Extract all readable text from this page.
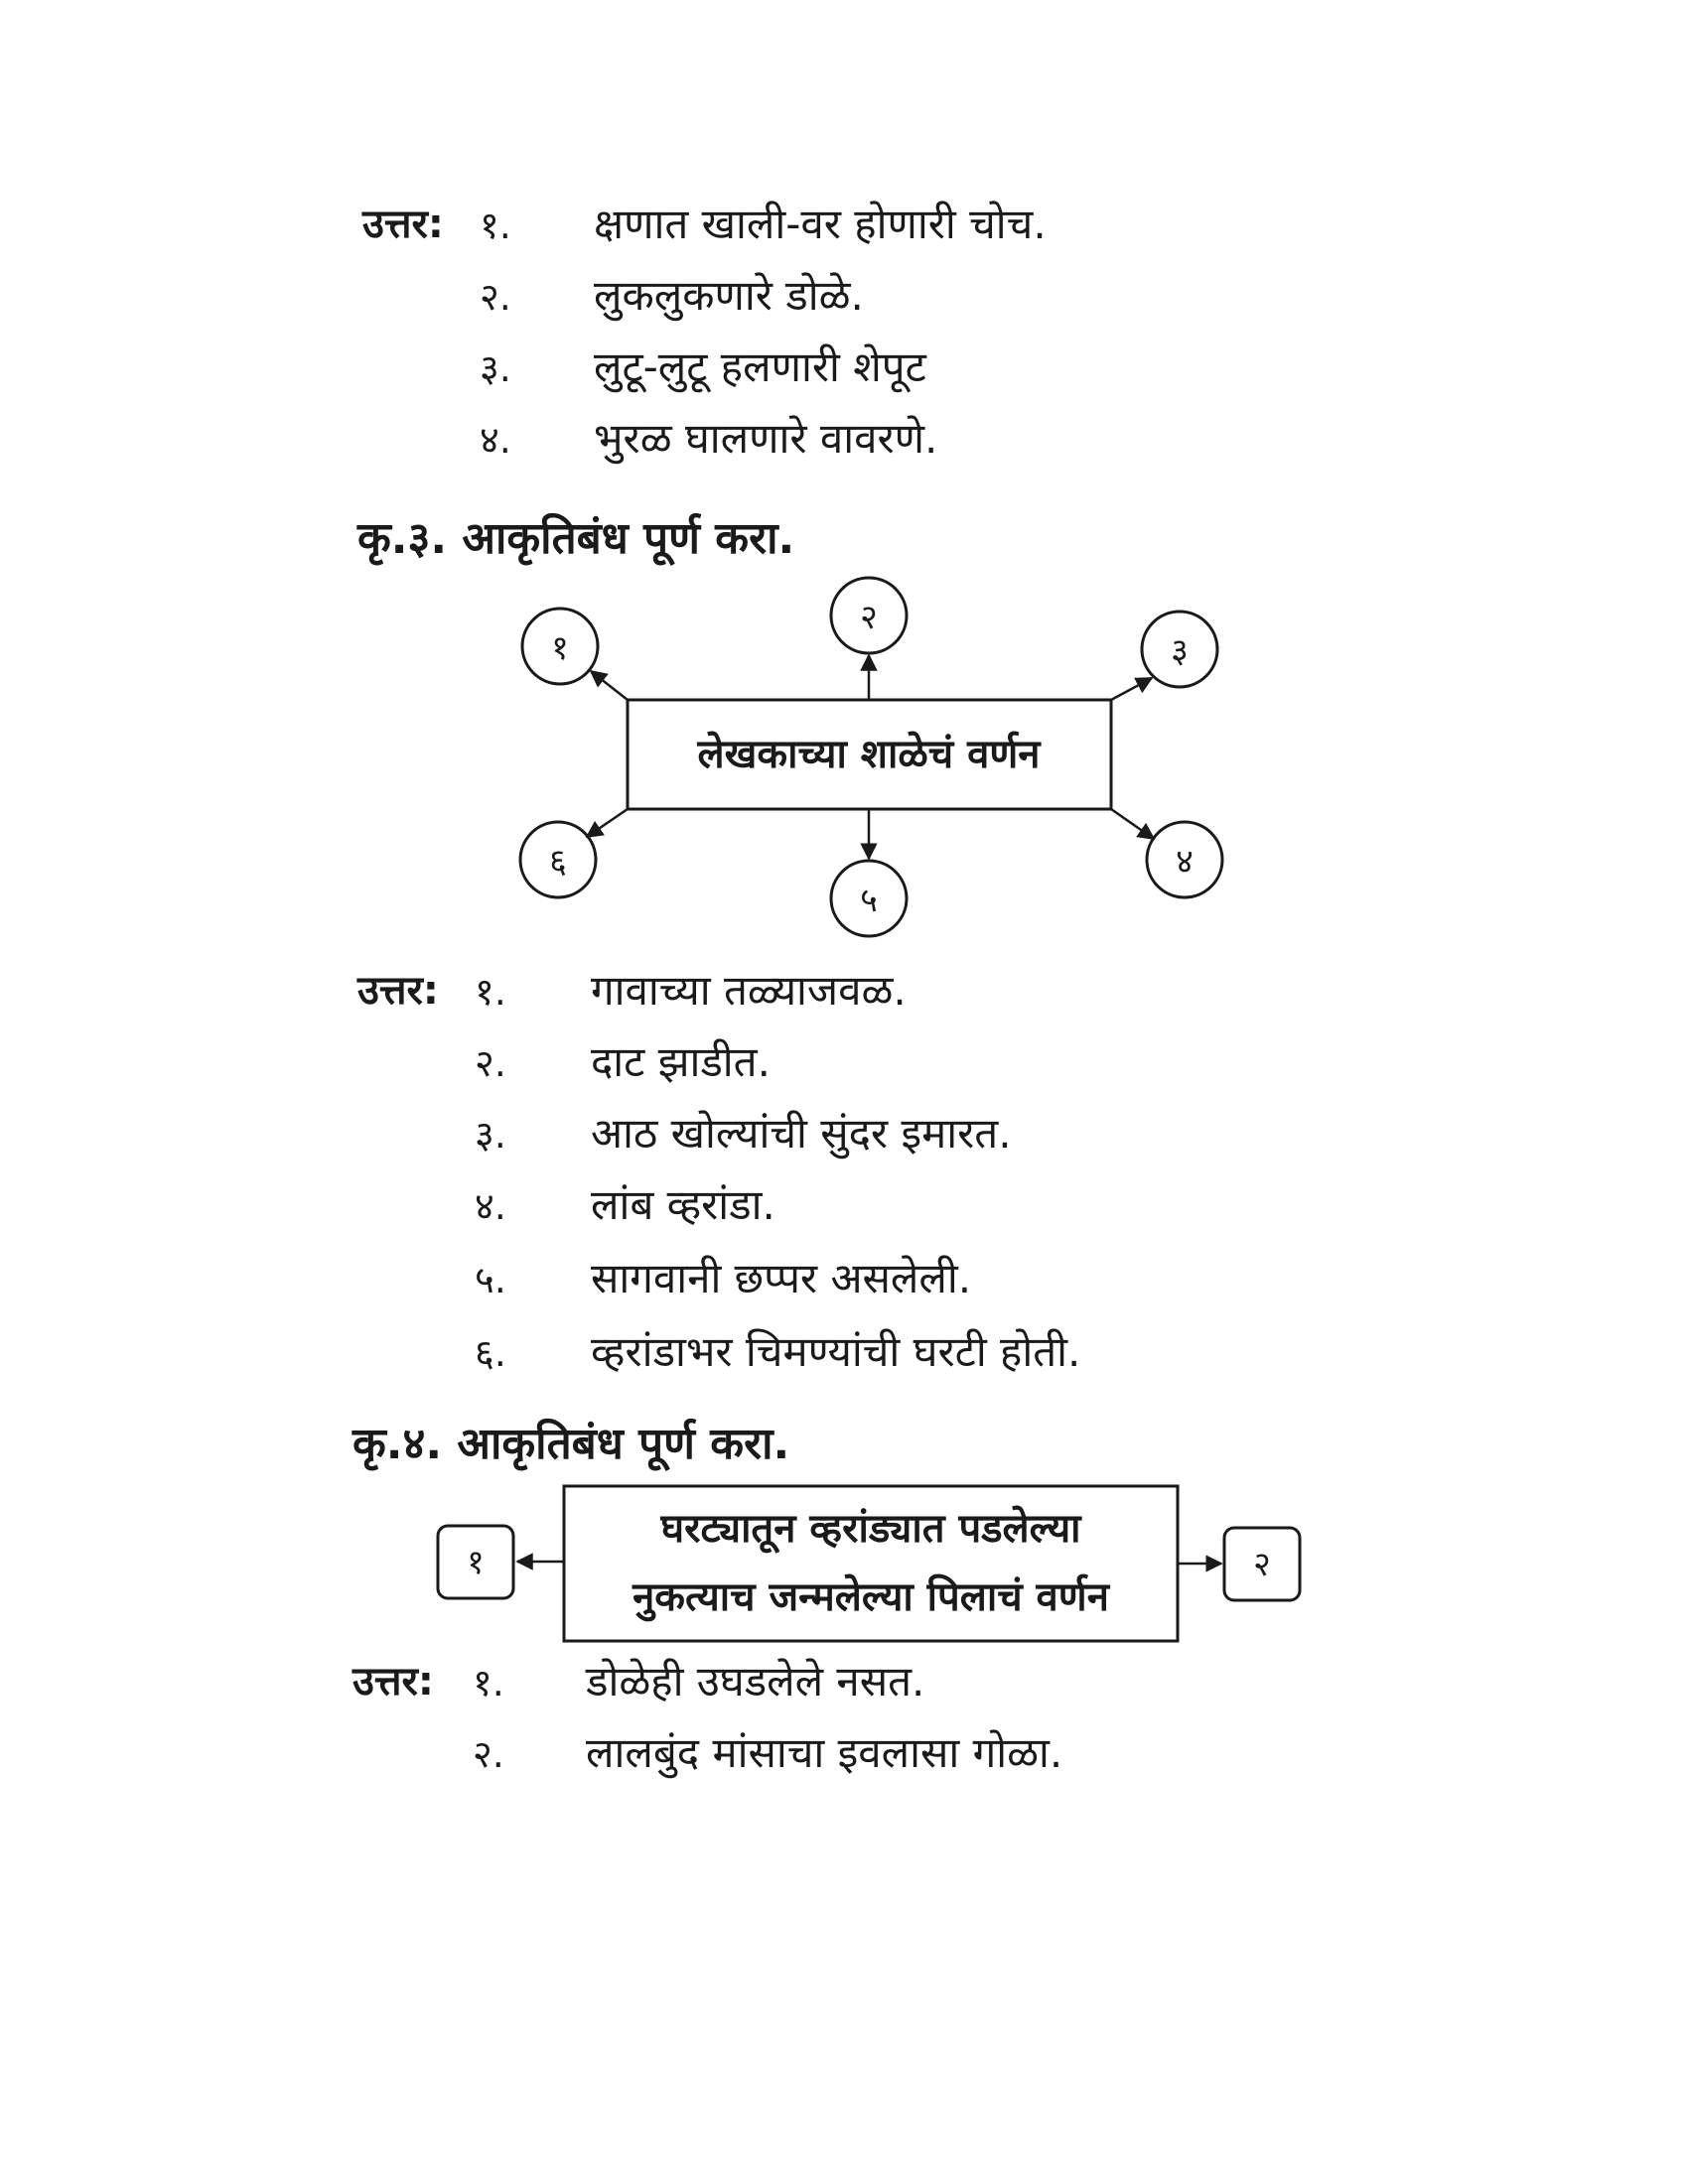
उत्तर: १. क्षणात खाली-वर होणारी चोच.
२. लुकलुकणारे डोळे.
३. लुटू-लुटू हलणारी शेपूट
४. भुरळ घालणारे वावरणे.
कृ.३. आकृतिबंध पूर्ण करा.
लेखकाच्या शाळेचं वर्णन
१
२
३
४
५
६
उत्तर: १. गावाच्या तळ्याजवळ.
२. दाट झाडीत.
३. आठ खोल्यांची सुंदर इमारत.
४. लांब व्हरांडा.
५. सागवानी छप्पर असलेली.
६. व्हरांडाभर चिमण्यांची घरटी होती.
कृ.४. आकृतिबंध पूर्ण करा.
घरट्यातून व्हरांड्यात पडलेल्या
नुकत्याच जन्मलेल्या पिलाचं वर्णन
१	२
उत्तर: १. डोळेही उघडलेले नसत.
२. लालबुंद मांसाचा इवलासा गोळा.
